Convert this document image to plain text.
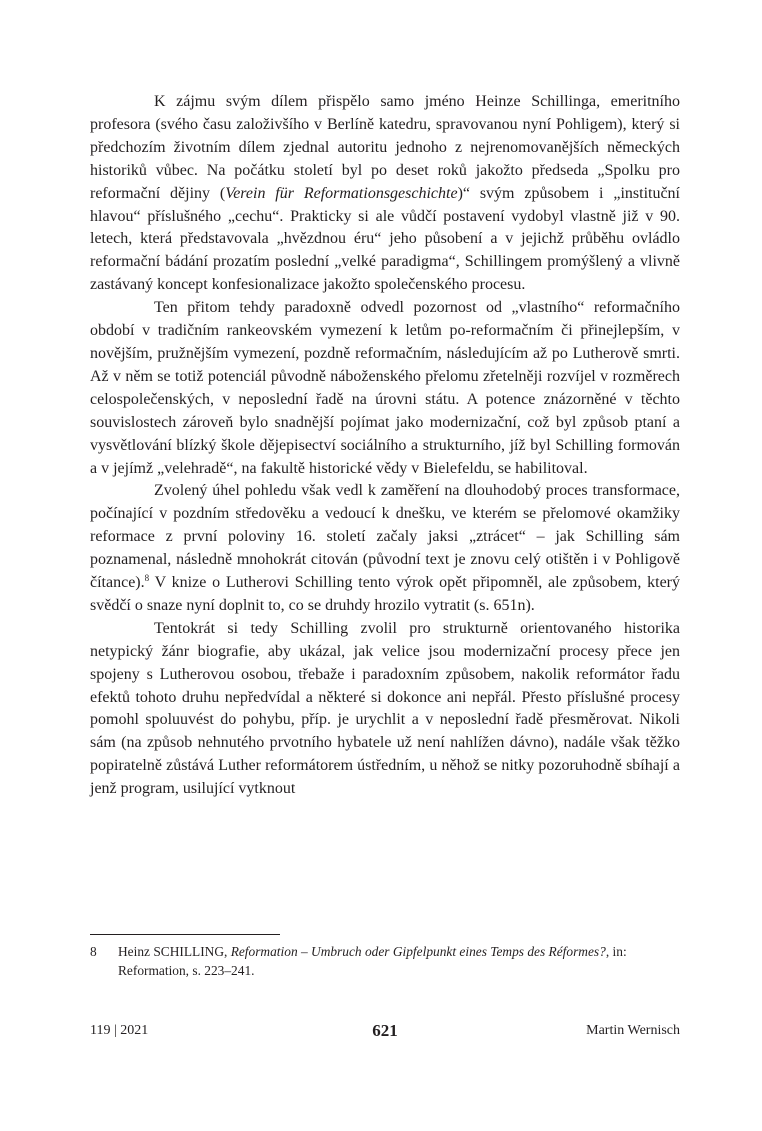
K zájmu svým dílem přispělo samo jméno Heinze Schillinga, emeritního profesora (svého času založivšího v Berlíně katedru, spravovanou nyní Pohligem), který si předchozím životním dílem zjednal autoritu jednoho z nejrenomovanějších německých historiků vůbec. Na počátku století byl po deset roků jakožto předseda „Spolku pro reformační dějiny (Verein für Reformationsgeschichte)“ svým způsobem i „instituční hlavou“ příslušného „cechu“. Prakticky si ale vůdčí postavení vydobyl vlastně již v 90. letech, která představovala „hvězdnou éru“ jeho působení a v jejichž průběhu ovládlo reformační bádání prozatím poslední „velké paradigma“, Schillingem promýšlený a vlivně zastávaný koncept konfesionalizace jakožto společenského procesu.

Ten přitom tehdy paradoxně odvedl pozornost od „vlastního“ reformačního období v tradičním rankeovském vymezení k letům po-reformačním či přinejlepším, v novějším, pružnějším vymezení, pozdně reformačním, následujícím až po Lutherově smrti. Až v něm se totiž potenciál původně náboženského přelomu zřetelněji rozvíjel v rozměrech celospolečenských, v neposlední řadě na úrovni státu. A potence znázorněné v těchto souvislostech zároveň bylo snadnější pojímat jako modernizační, což byl způsob ptaní a vysvětlování blízký škole dějepisectví sociálního a strukturního, jíž byl Schilling formován a v jejímž „velehradě“, na fakultě historické vědy v Bielefeldu, se habilitoval.

Zvolený úhel pohledu však vedl k zaměření na dlouhodobý proces transformace, počínající v pozdním středověku a vedoucí k dnešku, ve kterém se přelomové okamžiky reformace z první poloviny 16. století začaly jaksi „ztrácet“ – jak Schilling sám poznamenal, následně mnohokrát citován (původní text je znovu celý otištěn i v Pohligově čítance).$^8$ V knize o Lutherovi Schilling tento výrok opět připomněl, ale způsobem, který svědčí o snaze nyní doplnit to, co se druhdy hrozilo vytratit (s. 651n).

Tentokrát si tedy Schilling zvolil pro strukturně orientovaného historika netypický žánr biografie, aby ukázal, jak velice jsou modernizační procesy přece jen spojeny s Lutherovou osobou, třebaže i paradoxním způsobem, nakolik reformátor řadu efektů tohoto druhu nepředvídal a některé si dokonce ani nepřál. Přesto příslušné procesy pomohl spoluuvést do pohybu, příp. je urychlit a v neposlední řadě přesměrovat. Nikoli sám (na způsob nehnutého prvotního hybatele už není nahlížen dávno), nadále však těžko popiratelně zůstává Luther reformátorem ústředním, u něhož se nitky pozoruhodně sbíhají a jenž program, usilující vytknout

8 Heinz SCHILLING, Reformation – Umbruch oder Gipfelpunkt eines Temps des Réformes?, in: Reformation, s. 223–241.
119 | 2021	621	Martin Wernisch
